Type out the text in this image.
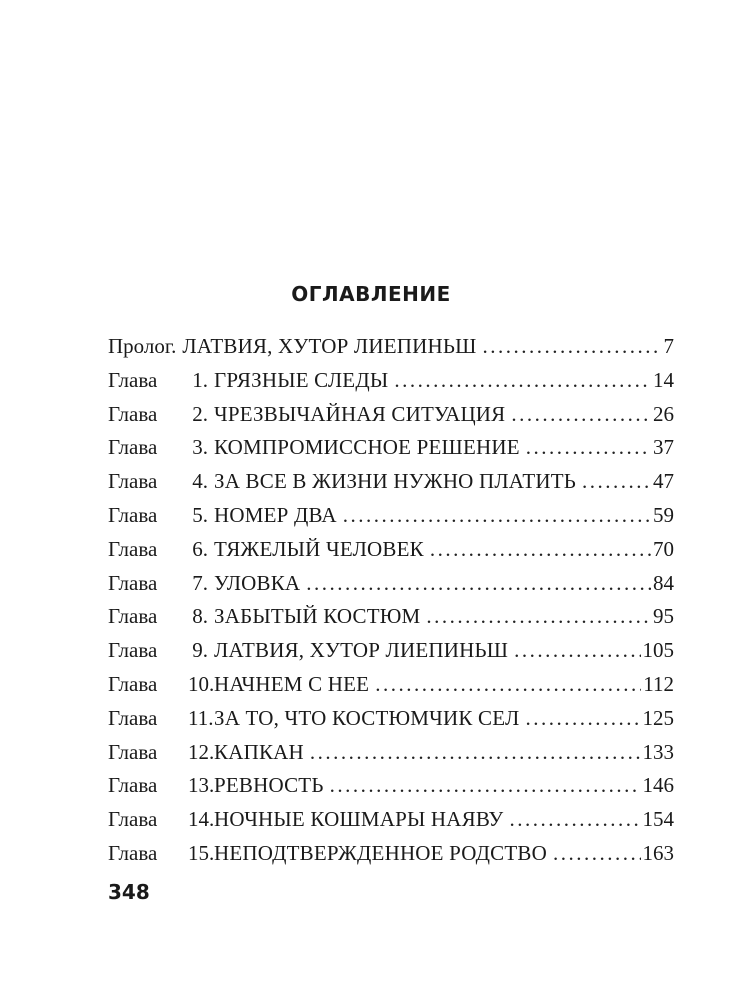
ОГЛАВЛЕНИЕ
Пролог. ЛАТВИЯ, ХУТОР ЛИЕПИНЬШ .....	7
Глава	1. ГРЯЗНЫЕ СЛЕДЫ .....	14
Глава	2. ЧРЕЗВЫЧАЙНАЯ СИТУАЦИЯ .....	26
Глава	3. КОМПРОМИССНОЕ РЕШЕНИЕ .....	37
Глава	4. ЗА ВСЕ В ЖИЗНИ НУЖНО ПЛАТИТЬ .....	47
Глава	5. НОМЕР ДВА .....	59
Глава	6. ТЯЖЕЛЫЙ ЧЕЛОВЕК .....	70
Глава	7. УЛОВКА .....	84
Глава	8. ЗАБЫТЫЙ КОСТЮМ .....	95
Глава	9. ЛАТВИЯ, ХУТОР ЛИЕПИНЬШ .....	105
Глава	10. НАЧНЕМ С НЕЕ .....	112
Глава	11. ЗА ТО, ЧТО КОСТЮМЧИК СЕЛ .....	125
Глава	12. КАПКАН .....	133
Глава	13. РЕВНОСТЬ .....	146
Глава	14. НОЧНЫЕ КОШМАРЫ НАЯВУ .....	154
Глава	15. НЕПОДТВЕРЖДЕННОЕ РОДСТВО .....	163
348
